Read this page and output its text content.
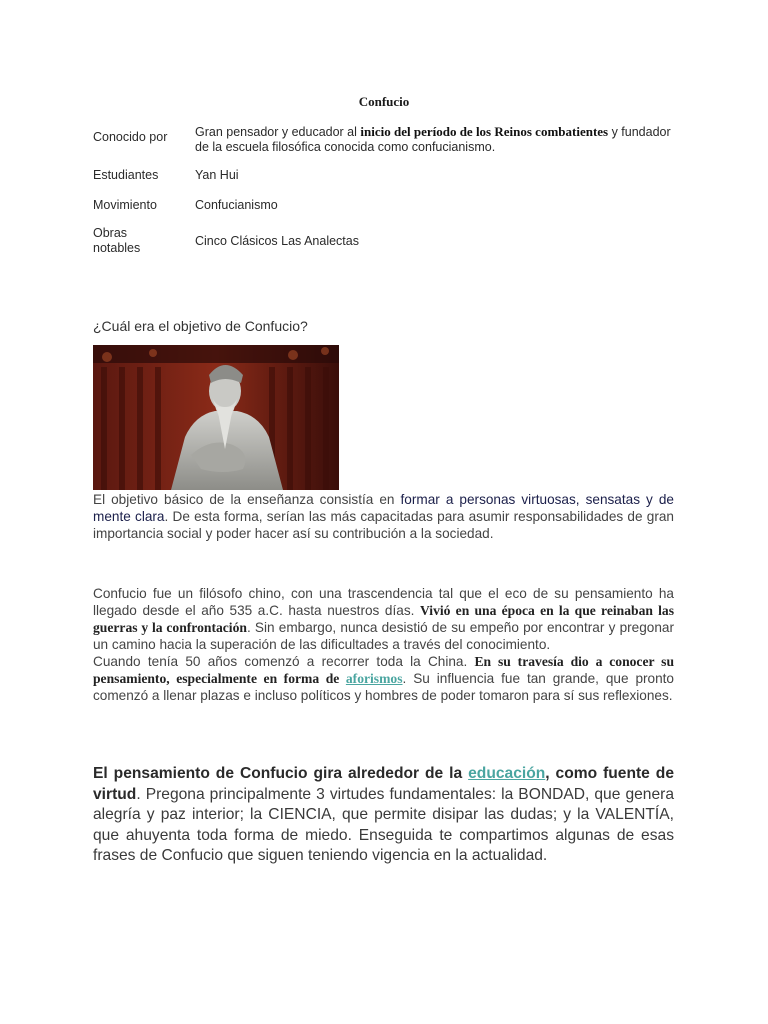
Confucio
Conocido por	Gran pensador y educador al inicio del período de los Reinos combatientes y fundador de la escuela filosófica conocida como confucianismo.
Estudiantes	Yan Hui
Movimiento	Confucianismo
Obras notables	Cinco Clásicos Las Analectas
¿Cuál era el objetivo de Confucio?
El objetivo básico de la enseñanza consistía en formar a personas virtuosas, sensatas y de mente clara. De esta forma, serían las más capacitadas para asumir responsabilidades de gran importancia social y poder hacer así su contribución a la sociedad.
Confucio fue un filósofo chino, con una trascendencia tal que el eco de su pensamiento ha llegado desde el año 535 a.C. hasta nuestros días. Vivió en una época en la que reinaban las guerras y la confrontación. Sin embargo, nunca desistió de su empeño por encontrar y pregonar un camino hacia la superación de las dificultades a través del conocimiento.
Cuando tenía 50 años comenzó a recorrer toda la China. En su travesía dio a conocer su pensamiento, especialmente en forma de aforismos. Su influencia fue tan grande, que pronto comenzó a llenar plazas e incluso políticos y hombres de poder tomaron para sí sus reflexiones.
El pensamiento de Confucio gira alrededor de la educación, como fuente de virtud. Pregona principalmente 3 virtudes fundamentales: la BONDAD, que genera alegría y paz interior; la CIENCIA, que permite disipar las dudas; y la VALENTÍA, que ahuyenta toda forma de miedo. Enseguida te compartimos algunas de esas frases de Confucio que siguen teniendo vigencia en la actualidad.
